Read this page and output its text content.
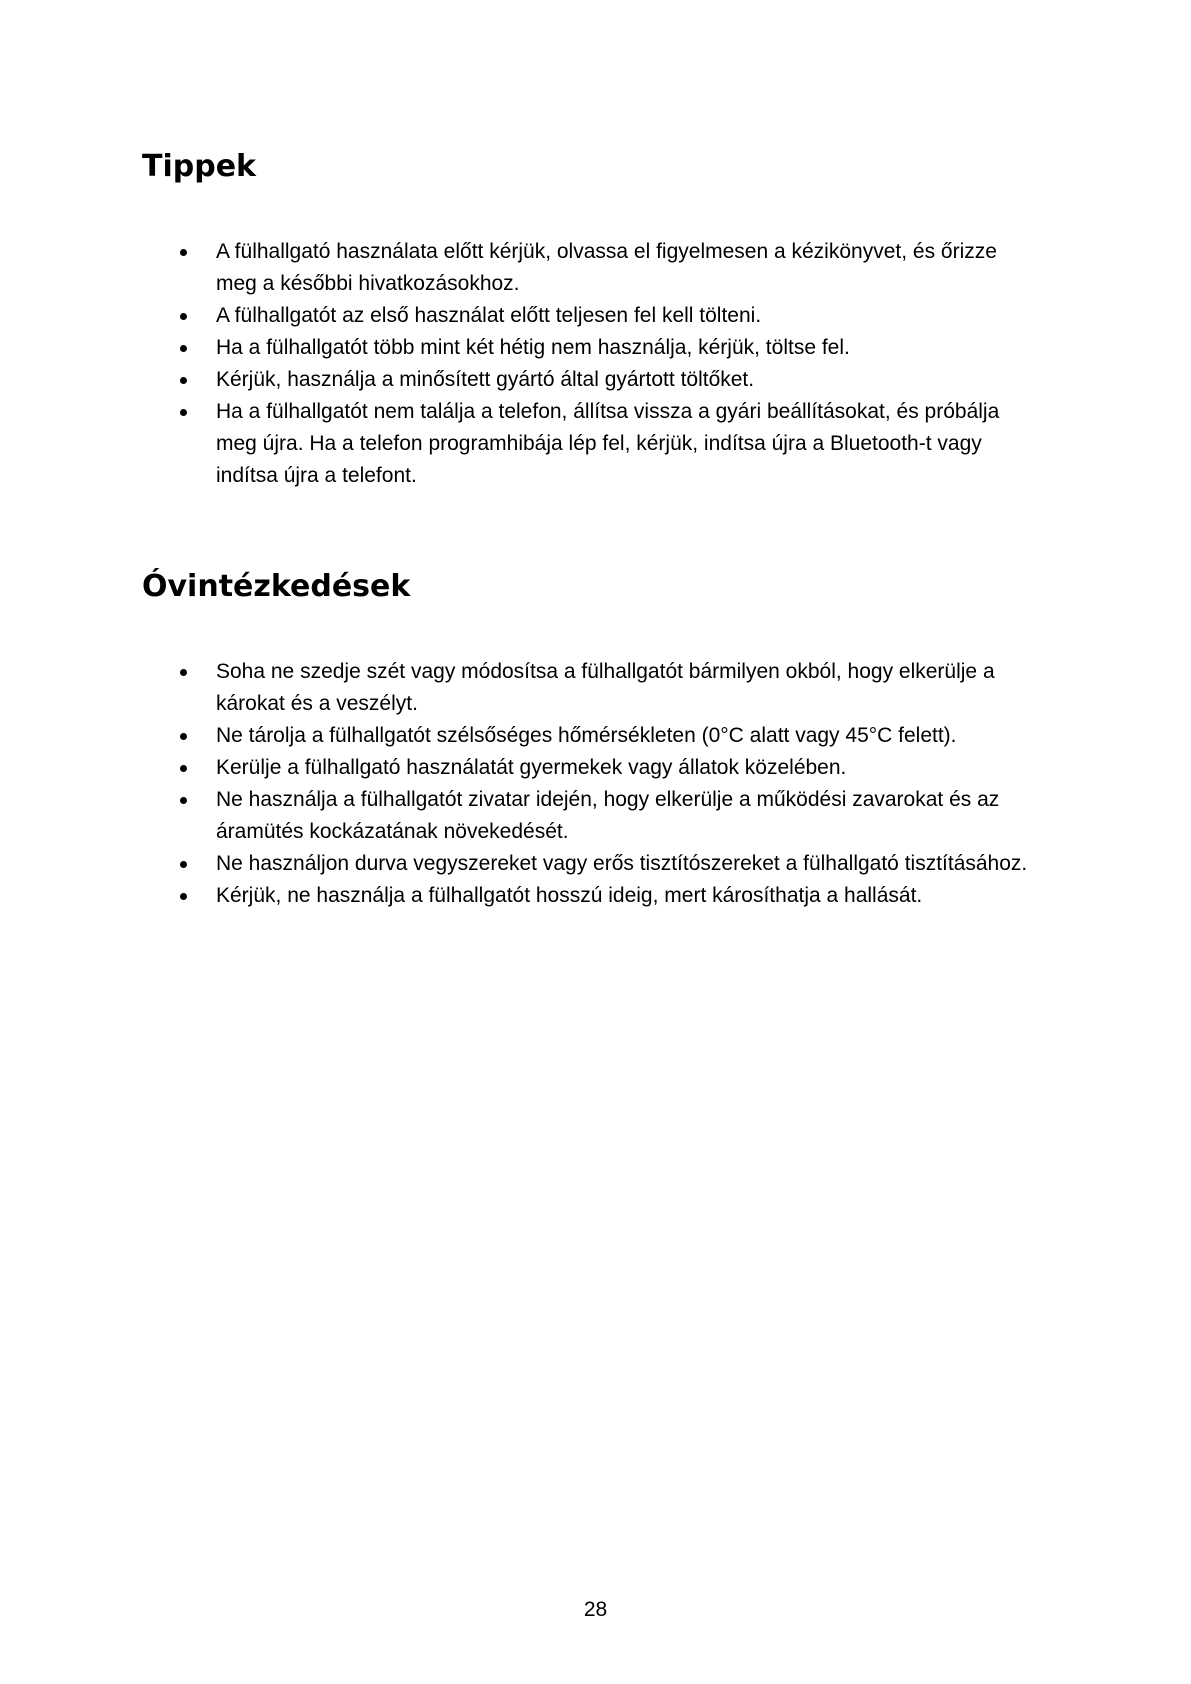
Tippek
A fülhallgató használata előtt kérjük, olvassa el figyelmesen a kézikönyvet, és őrizze meg a későbbi hivatkozásokhoz.
A fülhallgatót az első használat előtt teljesen fel kell tölteni.
Ha a fülhallgatót több mint két hétig nem használja, kérjük, töltse fel.
Kérjük, használja a minősített gyártó által gyártott töltőket.
Ha a fülhallgatót nem találja a telefon, állítsa vissza a gyári beállításokat, és próbálja meg újra. Ha a telefon programhibája lép fel, kérjük, indítsa újra a Bluetooth-t vagy indítsa újra a telefont.
Óvintézkedések
Soha ne szedje szét vagy módosítsa a fülhallgatót bármilyen okból, hogy elkerülje a károkat és a veszélyt.
Ne tárolja a fülhallgatót szélsőséges hőmérsékleten (0°C alatt vagy 45°C felett).
Kerülje a fülhallgató használatát gyermekek vagy állatok közelében.
Ne használja a fülhallgatót zivatar idején, hogy elkerülje a működési zavarokat és az áramütés kockázatának növekedését.
Ne használjon durva vegyszereket vagy erős tisztítószereket a fülhallgató tisztításához.
Kérjük, ne használja a fülhallgatót hosszú ideig, mert károsíthatja a hallását.
28
